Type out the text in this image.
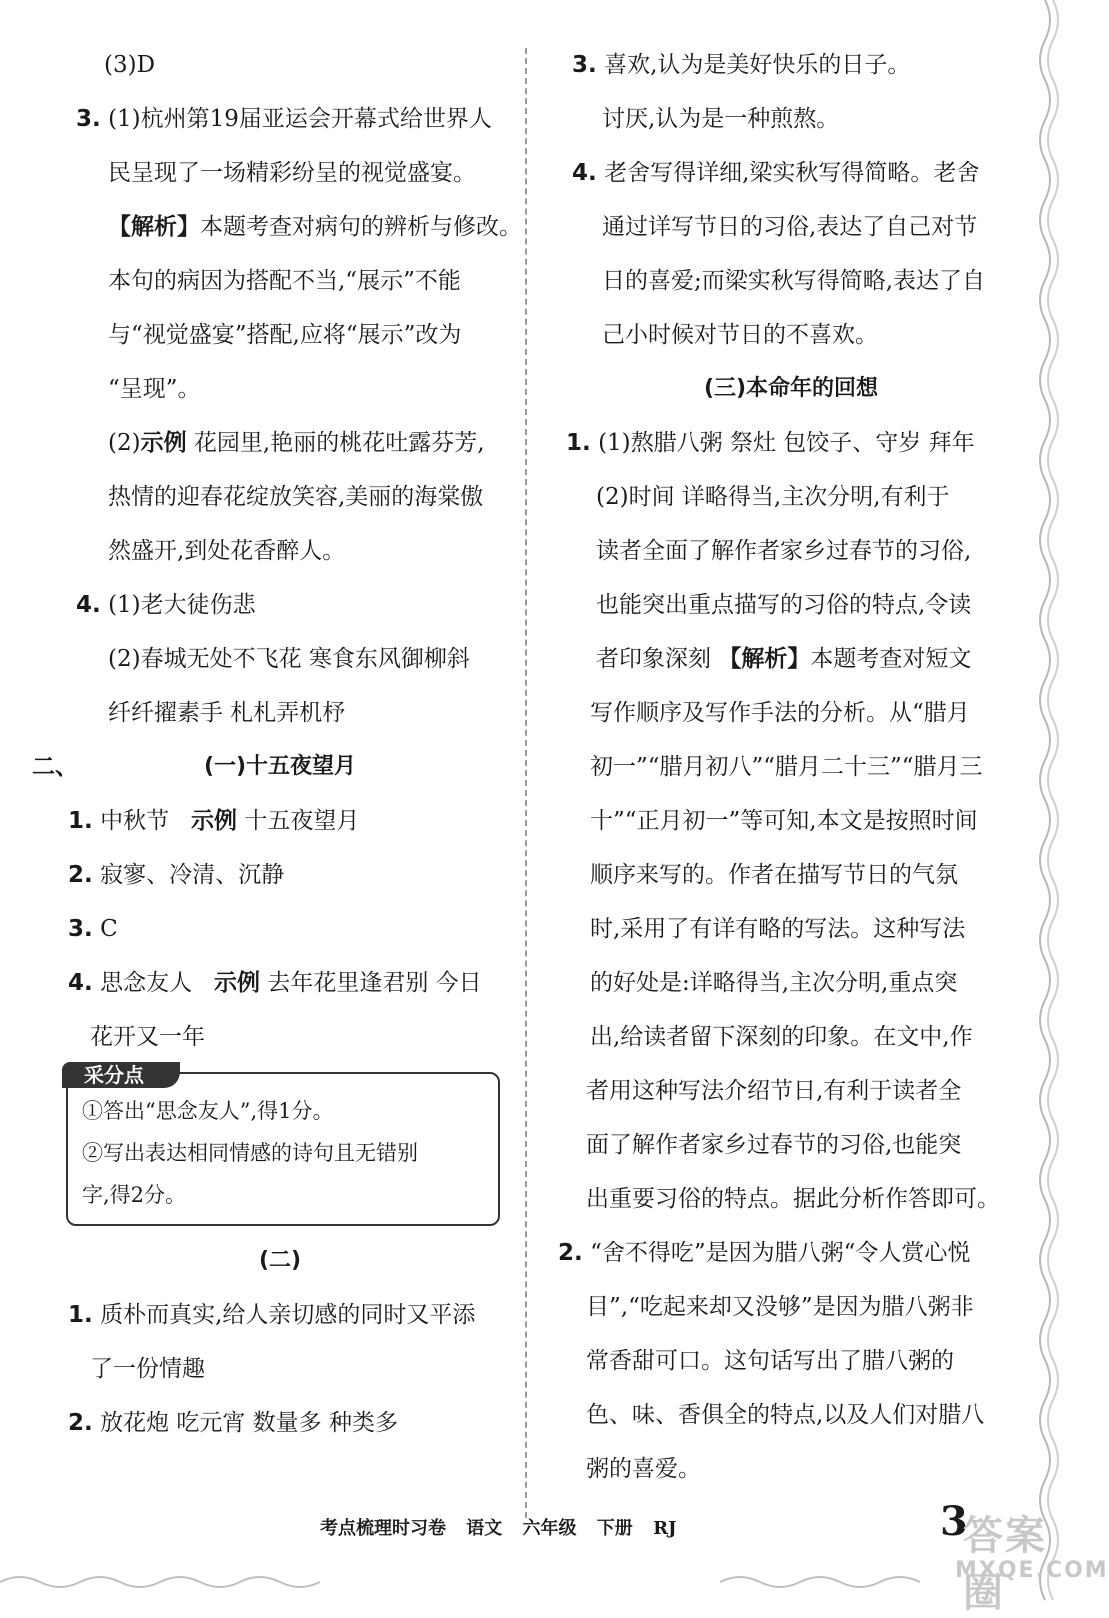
(3)D
3. (1)杭州第19届亚运会开幕式给世界人
民呈现了一场精彩纷呈的视觉盛宴。
【解析】本题考查对病句的辨析与修改。
本句的病因为搭配不当,“展示”不能
与“视觉盛宴”搭配,应将“展示”改为
“呈现”。
(2)示例 花园里,艳丽的桃花吐露芬芳,
热情的迎春花绽放笑容,美丽的海棠傲
然盛开,到处花香醉人。
4. (1)老大徒伤悲
(2)春城无处不飞花 寒食东风御柳斜
纤纤擢素手 札札弄机杼
二、	(一)十五夜望月
1. 中秋节 示例 十五夜望月
2. 寂寥、冷清、沉静
3. C
4. 思念友人 示例 去年花里逢君别 今日
花开又一年
采分点
①答出“思念友人”,得1分。
②写出表达相同情感的诗句且无错别
字,得2分。
(二)
1. 质朴而真实,给人亲切感的同时又平添
了一份情趣
2. 放花炮 吃元宵 数量多 种类多
3. 喜欢,认为是美好快乐的日子。
讨厌,认为是一种煎熬。
4. 老舍写得详细,梁实秋写得简略。老舍
通过详写节日的习俗,表达了自己对节
日的喜爱;而梁实秋写得简略,表达了自
己小时候对节日的不喜欢。
(三)本命年的回想
1. (1)熬腊八粥 祭灶 包饺子、守岁 拜年
(2)时间 详略得当,主次分明,有利于
读者全面了解作者家乡过春节的习俗,
也能突出重点描写的习俗的特点,令读
者印象深刻 【解析】本题考查对短文
写作顺序及写作手法的分析。从“腊月
初一”“腊月初八”“腊月二十三”“腊月三
十”“正月初一”等可知,本文是按照时间
顺序来写的。作者在描写节日的气氛
时,采用了有详有略的写法。这种写法
的好处是:详略得当,主次分明,重点突
出,给读者留下深刻的印象。在文中,作
者用这种写法介绍节日,有利于读者全
面了解作者家乡过春节的习俗,也能突
出重要习俗的特点。据此分析作答即可。
2. “舍不得吃”是因为腊八粥“令人赏心悦
目”,“吃起来却又没够”是因为腊八粥非
常香甜可口。这句话写出了腊八粥的
色、味、香俱全的特点,以及人们对腊八
粥的喜爱。
考点梳理时习卷 语文 六年级 下册 RJ	3
答案圈
MXQE.COM
